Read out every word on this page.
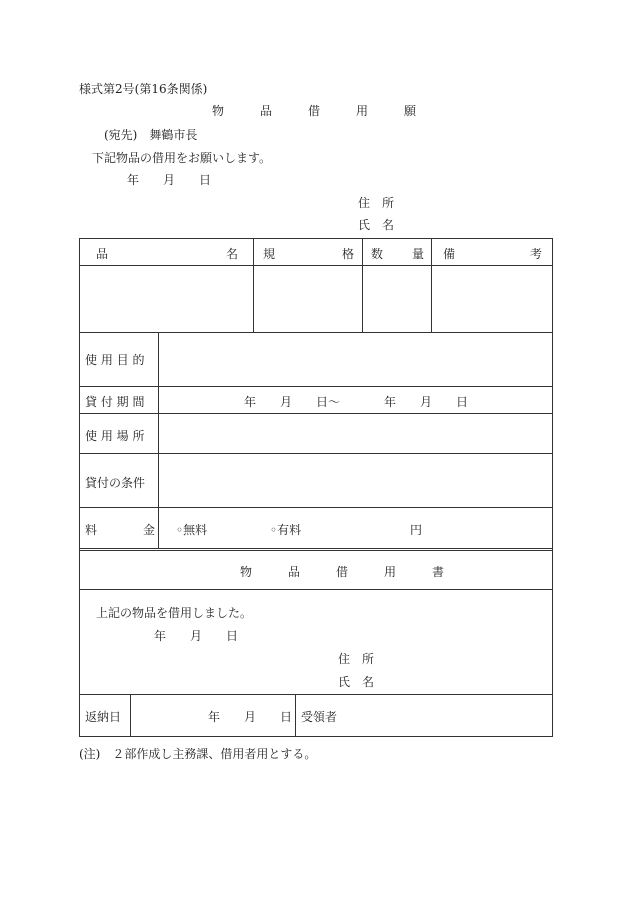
様式第2号(第16条関係)
物　　　品　　　借　　　用　　　願
(宛先)　舞鶴市長
下記物品の借用をお願いします。
年　　月　　日
住　所
氏　名
品	名 規	格 数 量 備	考
使 用 目 的
貸 付 期 間	年　　月　　日〜	年　　月　　日
使 用 場 所
貸付の条件
料	金 ◦無料	◦有料	円
物　　　品　　　借　　　用　　　書
上記の物品を借用しました。
年　　月　　日
住　所
氏　名
返納日	年　　月　　日 受領者
(注)　２部作成し主務課、借用者用とする。
